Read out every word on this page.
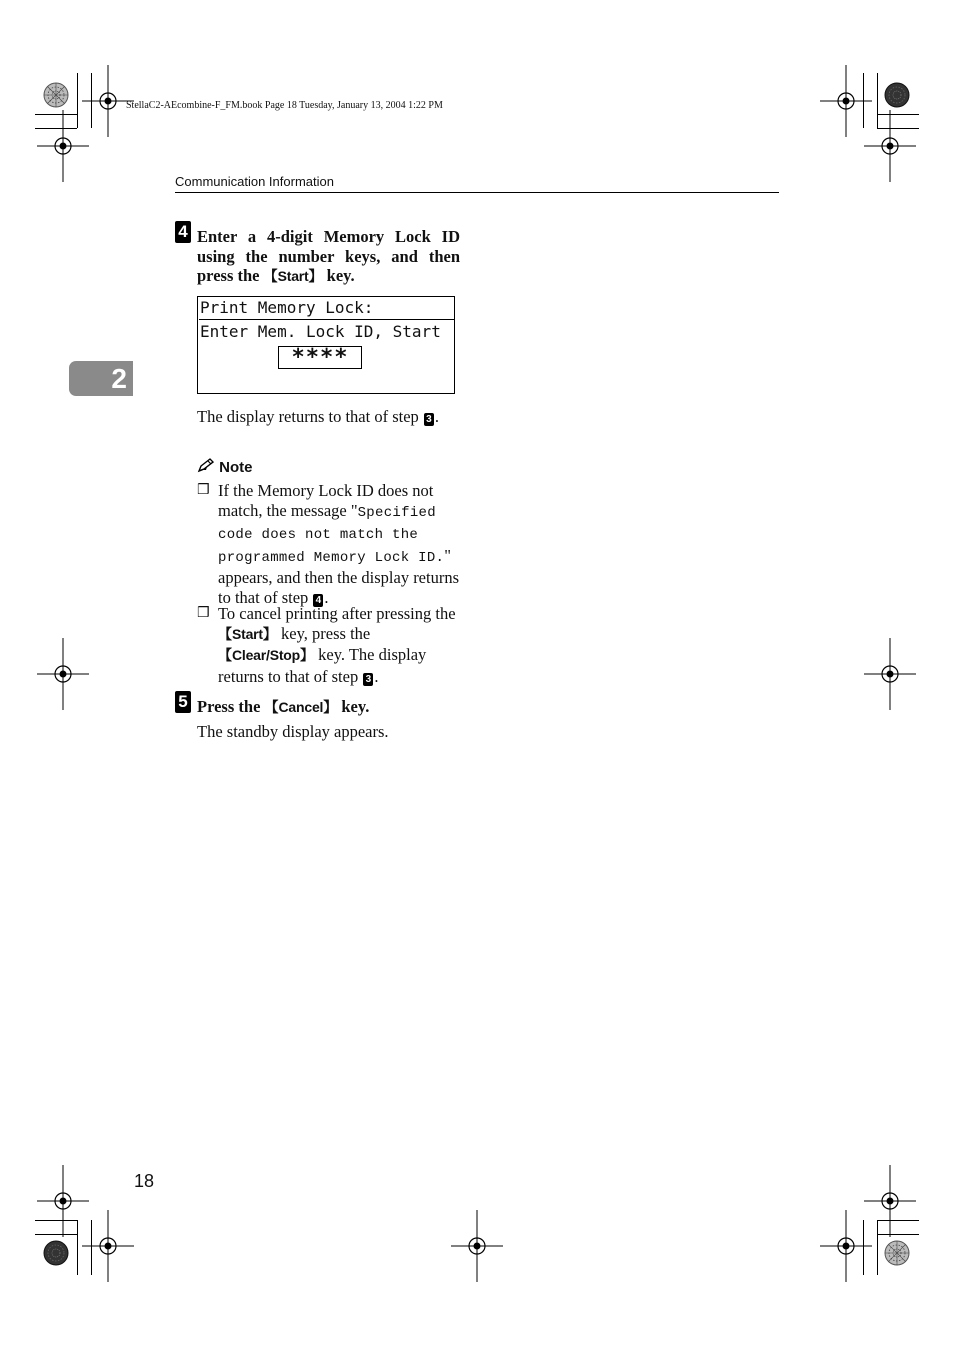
StellaC2-AEcombine-F_FM.book Page 18 Tuesday, January 13, 2004 1:22 PM
Communication Information
2
4 Enter a 4-digit Memory Lock ID using the number keys, and then press the 【Start】 key.
Print Memory Lock:
Enter Mem. Lock ID, Start
****
The display returns to that of step 3 .
Note
❒ If the Memory Lock ID does not match, the message "Specified code does not match the programmed Memory Lock ID." appears, and then the display returns to that of step 4 .
❒ To cancel printing after pressing the 【Start】 key, press the 【Clear/Stop】 key. The display returns to that of step 3 .
5 Press the 【Cancel】 key.
The standby display appears.
18
